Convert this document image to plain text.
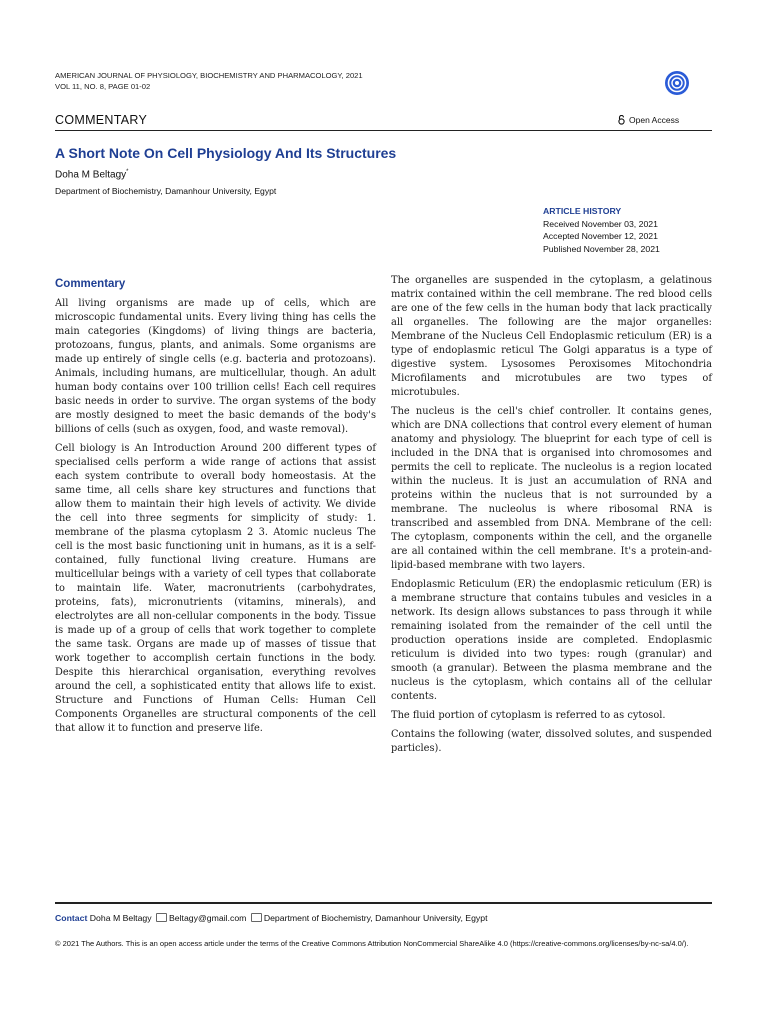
AMERICAN JOURNAL OF PHYSIOLOGY, BIOCHEMISTRY AND PHARMACOLOGY, 2021
VOL 11, NO. 8, PAGE 01-02
COMMENTARY	Open Access
A Short Note On Cell Physiology And Its Structures
Doha M Beltagy*
Department of Biochemistry, Damanhour University, Egypt
ARTICLE HISTORY
Received November 03, 2021
Accepted November 12, 2021
Published November 28, 2021
Commentary

All living organisms are made up of cells, which are microscopic fundamental units. Every living thing has cells the main categories (Kingdoms) of living things are bacteria, protozoans, fungus, plants, and animals. Some organisms are made up entirely of single cells (e.g. bacteria and protozoans). Animals, including humans, are multicellular, though. An adult human body contains over 100 trillion cells! Each cell requires basic needs in order to survive. The organ systems of the body are mostly designed to meet the basic demands of the body's billions of cells (such as oxygen, food, and waste removal).

Cell biology is An Introduction Around 200 different types of specialised cells perform a wide range of actions that assist each system contribute to overall body homeostasis. At the same time, all cells share key structures and functions that allow them to maintain their high levels of activity. We divide the cell into three segments for simplicity of study: 1. membrane of the plasma cytoplasm 2 3. Atomic nucleus The cell is the most basic functioning unit in humans, as it is a self-contained, fully functional living creature. Humans are multicellular beings with a variety of cell types that collaborate to maintain life. Water, macronutrients (carbohydrates, proteins, fats), micronutrients (vitamins, minerals), and electrolytes are all non-cellular components in the body. Tissue is made up of a group of cells that work together to complete the same task. Organs are made up of masses of tissue that work together to accomplish certain functions in the body. Despite this hierarchical organisation, everything revolves around the cell, a sophisticated entity that allows life to exist. Structure and Functions of Human Cells: Human Cell Components Organelles are structural components of the cell that allow it to function and preserve life.

The organelles are suspended in the cytoplasm, a gelatinous matrix contained within the cell membrane. The red blood cells are one of the few cells in the human body that lack practically all organelles. The following are the major organelles: Membrane of the Nucleus Cell Endoplasmic reticulum (ER) is a type of endoplasmic reticul The Golgi apparatus is a type of digestive system. Lysosomes Peroxisomes Mitochondria Microfilaments and microtubules are two types of microtubules.

The nucleus is the cell's chief controller. It contains genes, which are DNA collections that control every element of human anatomy and physiology. The blueprint for each type of cell is included in the DNA that is organised into chromosomes and permits the cell to replicate. The nucleolus is a region located within the nucleus. It is just an accumulation of RNA and proteins within the nucleus that is not surrounded by a membrane. The nucleolus is where ribosomal RNA is transcribed and assembled from DNA. Membrane of the cell: The cytoplasm, components within the cell, and the organelle are all contained within the cell membrane. It's a protein-and-lipid-based membrane with two layers.

Endoplasmic Reticulum (ER) the endoplasmic reticulum (ER) is a membrane structure that contains tubules and vesicles in a network. Its design allows substances to pass through it while remaining isolated from the remainder of the cell until the production operations inside are completed. Endoplasmic reticulum is divided into two types: rough (granular) and smooth (a granular). Between the plasma membrane and the nucleus is the cytoplasm, which contains all of the cellular contents.

The fluid portion of cytoplasm is referred to as cytosol.

Contains the following (water, dissolved solutes, and suspended particles).

Contact Doha M Beltagy Beltagy@gmail.com Department of Biochemistry, Damanhour University, Egypt
© 2021 The Authors. This is an open access article under the terms of the Creative Commons Attribution NonCommercial ShareAlike 4.0 (https://creative-commons.org/licenses/by-nc-sa/4.0/).
